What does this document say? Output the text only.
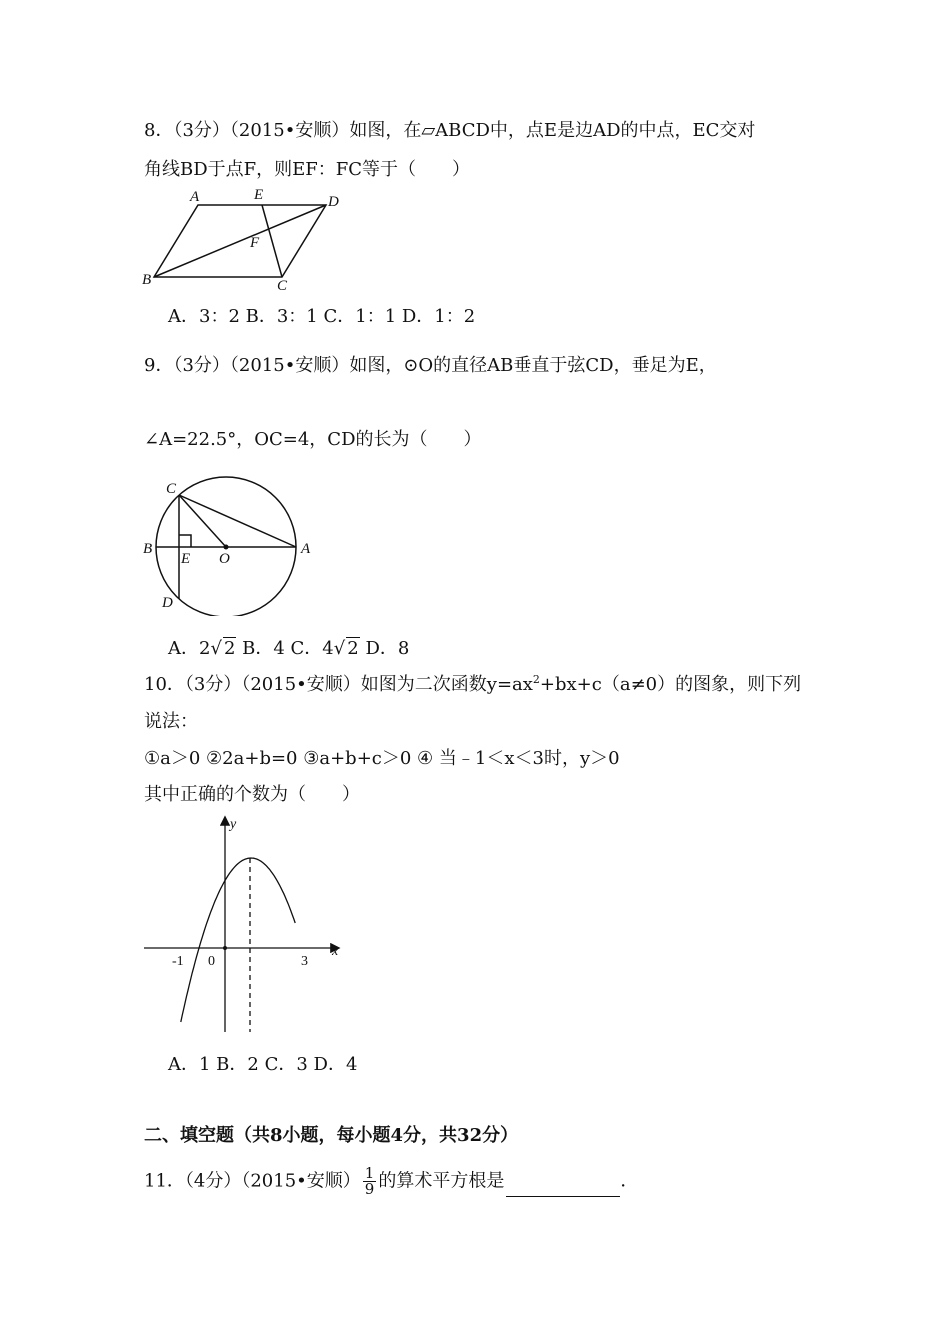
8．（3分）（2015•安顺）如图，在▱ABCD中，点E是边AD的中点，EC交对
角线BD于点F，则EF：FC等于（　　）
A	E	D
F
B	C
A．3：2 B．3：1 C．1：1 D．1：2
9．（3分）（2015•安顺）如图，⊙O的直径AB垂直于弦CD，垂足为E，
∠A=22.5°，OC=4，CD的长为（　　）
C
B
E O
A
D
A．2√ 2 B．4 C．4√ 2 D．8
10．（3分）（2015•安顺）如图为二次函数$y=ax^2+bx+c(a\ne 0)$的图象，则下列
说法：
①a＞0 ②2a+b=0 ③a+b+c＞0 ④ 当﹣1＜x＜3时，y＞0
其中正确的个数为（　　）
y
x
-1 0	3
A．1 B．2 C．3 D．4
二、填空题（共8小题，每小题4分，共32分）
11．（4分）（2015•安顺） $\frac{1}{9}$ 的算术平方根是	．
